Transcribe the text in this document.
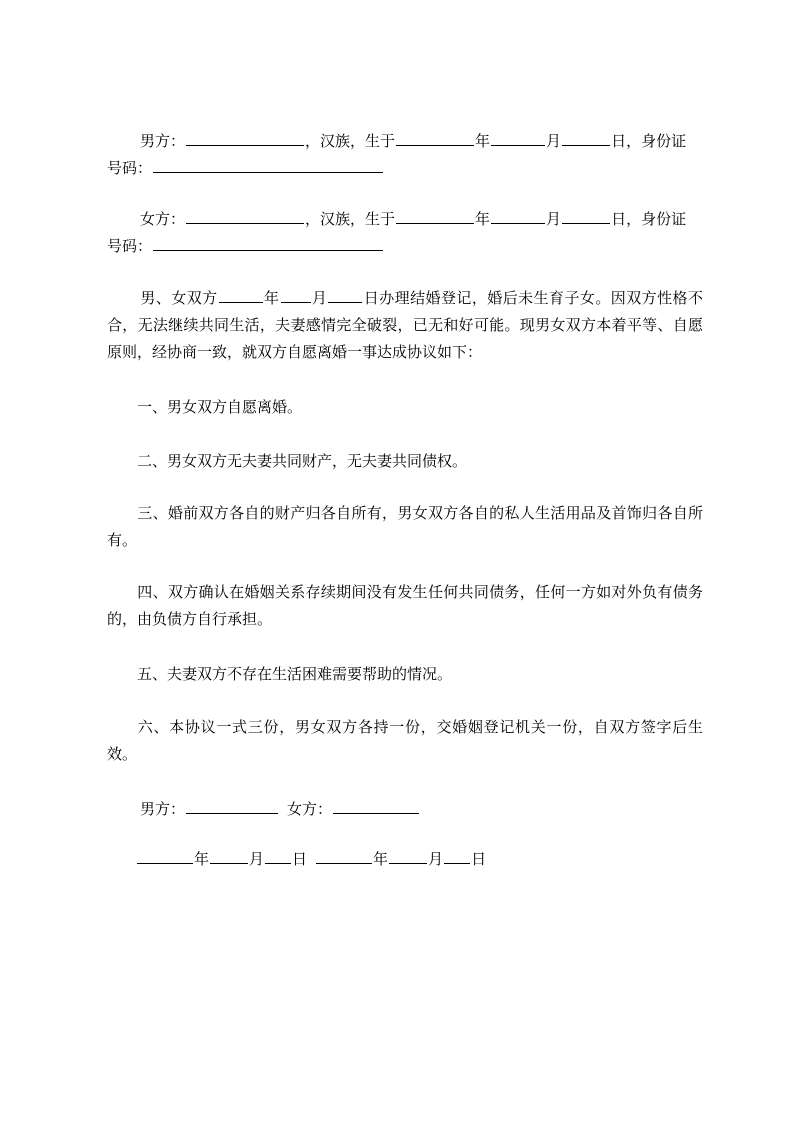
男方：	，汉族，生于	年	月	日，身份证
号码：

女方：	，汉族，生于	年	月	日，身份证
号码：

男、女双方	年 月 日办理结婚登记，婚后未生育子女。因双方性格不合，无法继续共同生活，夫妻感情完全破裂，已无和好可能。现男女双方本着平等、自愿原则，经协商一致，就双方自愿离婚一事达成协议如下：

一、男女双方自愿离婚。

二、男女双方无夫妻共同财产，无夫妻共同债权。

三、婚前双方各自的财产归各自所有，男女双方各自的私人生活用品及首饰归各自所有。

四、双方确认在婚姻关系存续期间没有发生任何共同债务，任何一方如对外负有债务的，由负债方自行承担。

五、夫妻双方不存在生活困难需要帮助的情况。

六、本协议一式三份，男女双方各持一份，交婚姻登记机关一份，自双方签字后生效。

男方：	女方：

年	月 日	年	月 日
